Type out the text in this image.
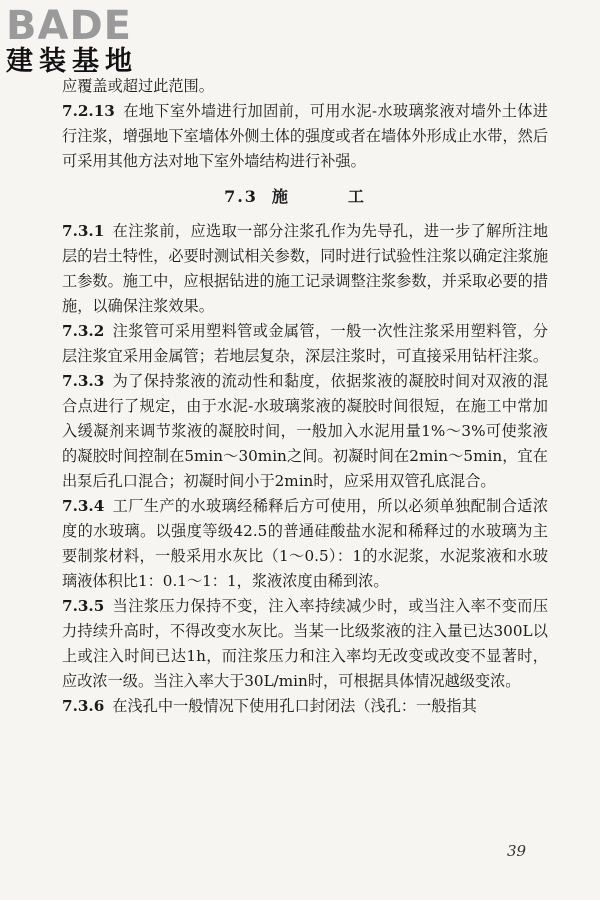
BADE
建装基地

应覆盖或超过此范围。

7.2.13 在地下室外墙进行加固前，可用水泥-水玻璃浆液对墙外土体进行注浆，增强地下室墙体外侧土体的强度或者在墙体外形成止水带，然后可采用其他方法对地下室外墙结构进行补强。

7.3 施　工

7.3.1 在注浆前，应选取一部分注浆孔作为先导孔，进一步了解所注地层的岩土特性，必要时测试相关参数，同时进行试验性注浆以确定注浆施工参数。施工中，应根据钻进的施工记录调整注浆参数，并采取必要的措施，以确保注浆效果。

7.3.2 注浆管可采用塑料管或金属管，一般一次性注浆采用塑料管，分层注浆宜采用金属管；若地层复杂，深层注浆时，可直接采用钻杆注浆。

7.3.3 为了保持浆液的流动性和黏度，依据浆液的凝胶时间对双液的混合点进行了规定，由于水泥-水玻璃浆液的凝胶时间很短，在施工中常加入缓凝剂来调节浆液的凝胶时间，一般加入水泥用量1%～3%可使浆液的凝胶时间控制在5min～30min之间。初凝时间在2min～5min，宜在出泵后孔口混合；初凝时间小于2min时，应采用双管孔底混合。

7.3.4 工厂生产的水玻璃经稀释后方可使用，所以必须单独配制合适浓度的水玻璃。以强度等级42.5的普通硅酸盐水泥和稀释过的水玻璃为主要制浆材料，一般采用水灰比（1～0.5）：1的水泥浆，水泥浆液和水玻璃液体积比1：0.1～1：1，浆液浓度由稀到浓。

7.3.5 当注浆压力保持不变，注入率持续减少时，或当注入率不变而压力持续升高时，不得改变水灰比。当某一比级浆液的注入量已达300L以上或注入时间已达1h，而注浆压力和注入率均无改变或改变不显著时，应改浓一级。当注入率大于30L/min时，可根据具体情况越级变浓。

7.3.6 在浅孔中一般情况下使用孔口封闭法（浅孔：一般指其

39
